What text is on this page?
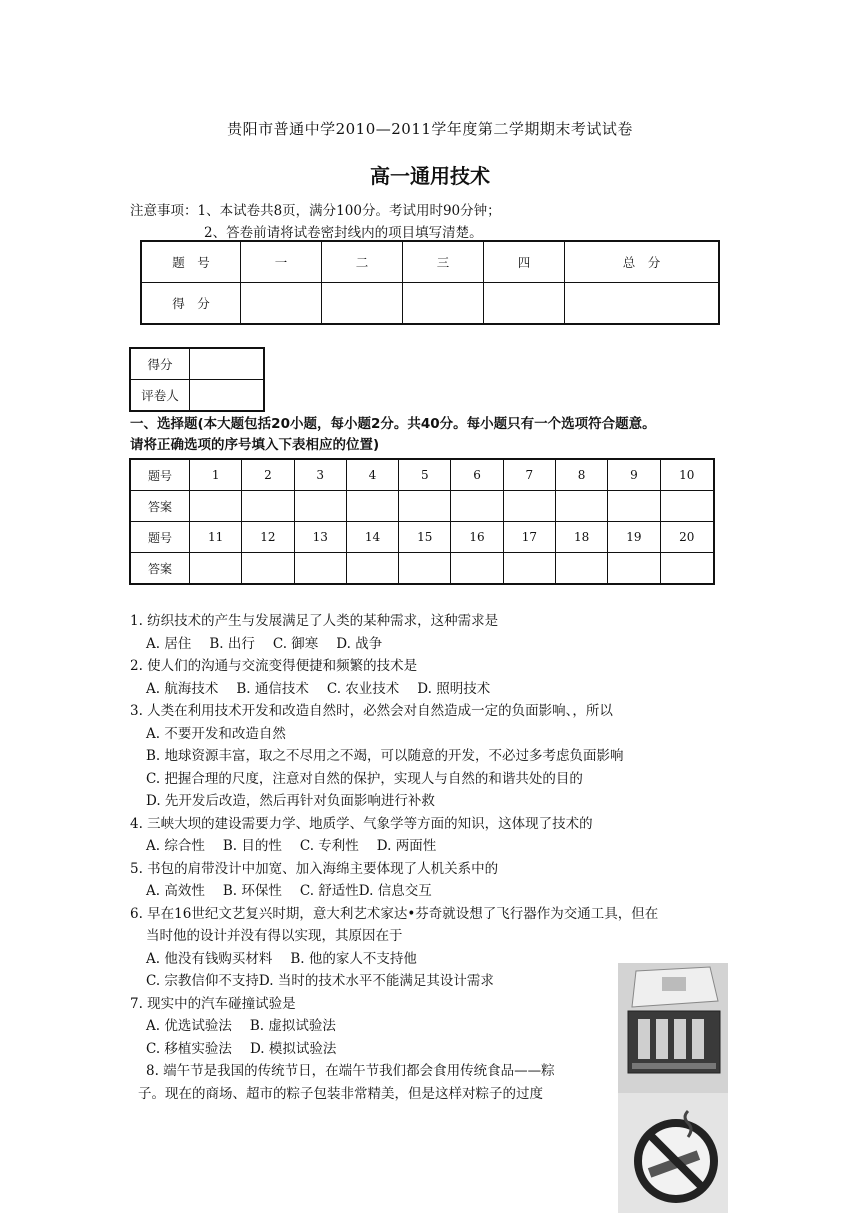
贵阳市普通中学2010—2011学年度第二学期期末考试试卷
高一通用技术
注意事项：1、本试卷共8页，满分100分。考试用时90分钟；
2、答卷前请将试卷密封线内的项目填写清楚。
题　号	一	二	三	四	总　分
得　分					
得分	
评卷人	
一、选择题(本大题包括20小题，每小题2分。共40分。每小题只有一个选项符合题意。
请将正确选项的序号填入下表相应的位置)
题号	1	2	3	4	5	6	7	8	9	10
答案										
题号	11	12	13	14	15	16	17	18	19	20
答案										
1. 纺织技术的产生与发展满足了人类的某种需求，这种需求是
A. 居住 B. 出行 C. 御寒 D. 战争
2. 使人们的沟通与交流变得便捷和频繁的技术是
A. 航海技术 B. 通信技术 C. 农业技术 D. 照明技术
3. 人类在利用技术开发和改造自然时，必然会对自然造成一定的负面影响、，所以
A. 不要开发和改造自然
B. 地球资源丰富，取之不尽用之不竭，可以随意的开发，不必过多考虑负面影响
C. 把握合理的尺度，注意对自然的保护，实现人与自然的和谐共处的目的
D. 先开发后改造，然后再针对负面影响进行补救
4. 三峡大坝的建设需要力学、地质学、气象学等方面的知识，这体现了技术的
A. 综合性 B. 目的性 C. 专利性 D. 两面性
5. 书包的肩带没计中加宽、加入海绵主要体现了人机关系中的
A. 高效性 B. 环保性 C. 舒适性D. 信息交互
6. 早在16世纪文艺复兴时期，意大利艺术家达•芬奇就设想了飞行器作为交通工具，但在
当时他的设计并没有得以实现，其原因在于
A. 他没有钱购买材料 B. 他的家人不支持他
C. 宗教信仰不支持D. 当时的技术水平不能满足其设计需求
7. 现实中的汽车碰撞试验是
A. 优选试验法 B. 虚拟试验法
C. 移植实验法 D. 模拟试验法
8. 端午节是我国的传统节日，在端午节我们都会食用传统食品——粽
子。现在的商场、超市的粽子包装非常精美，但是这样对粽子的过度
